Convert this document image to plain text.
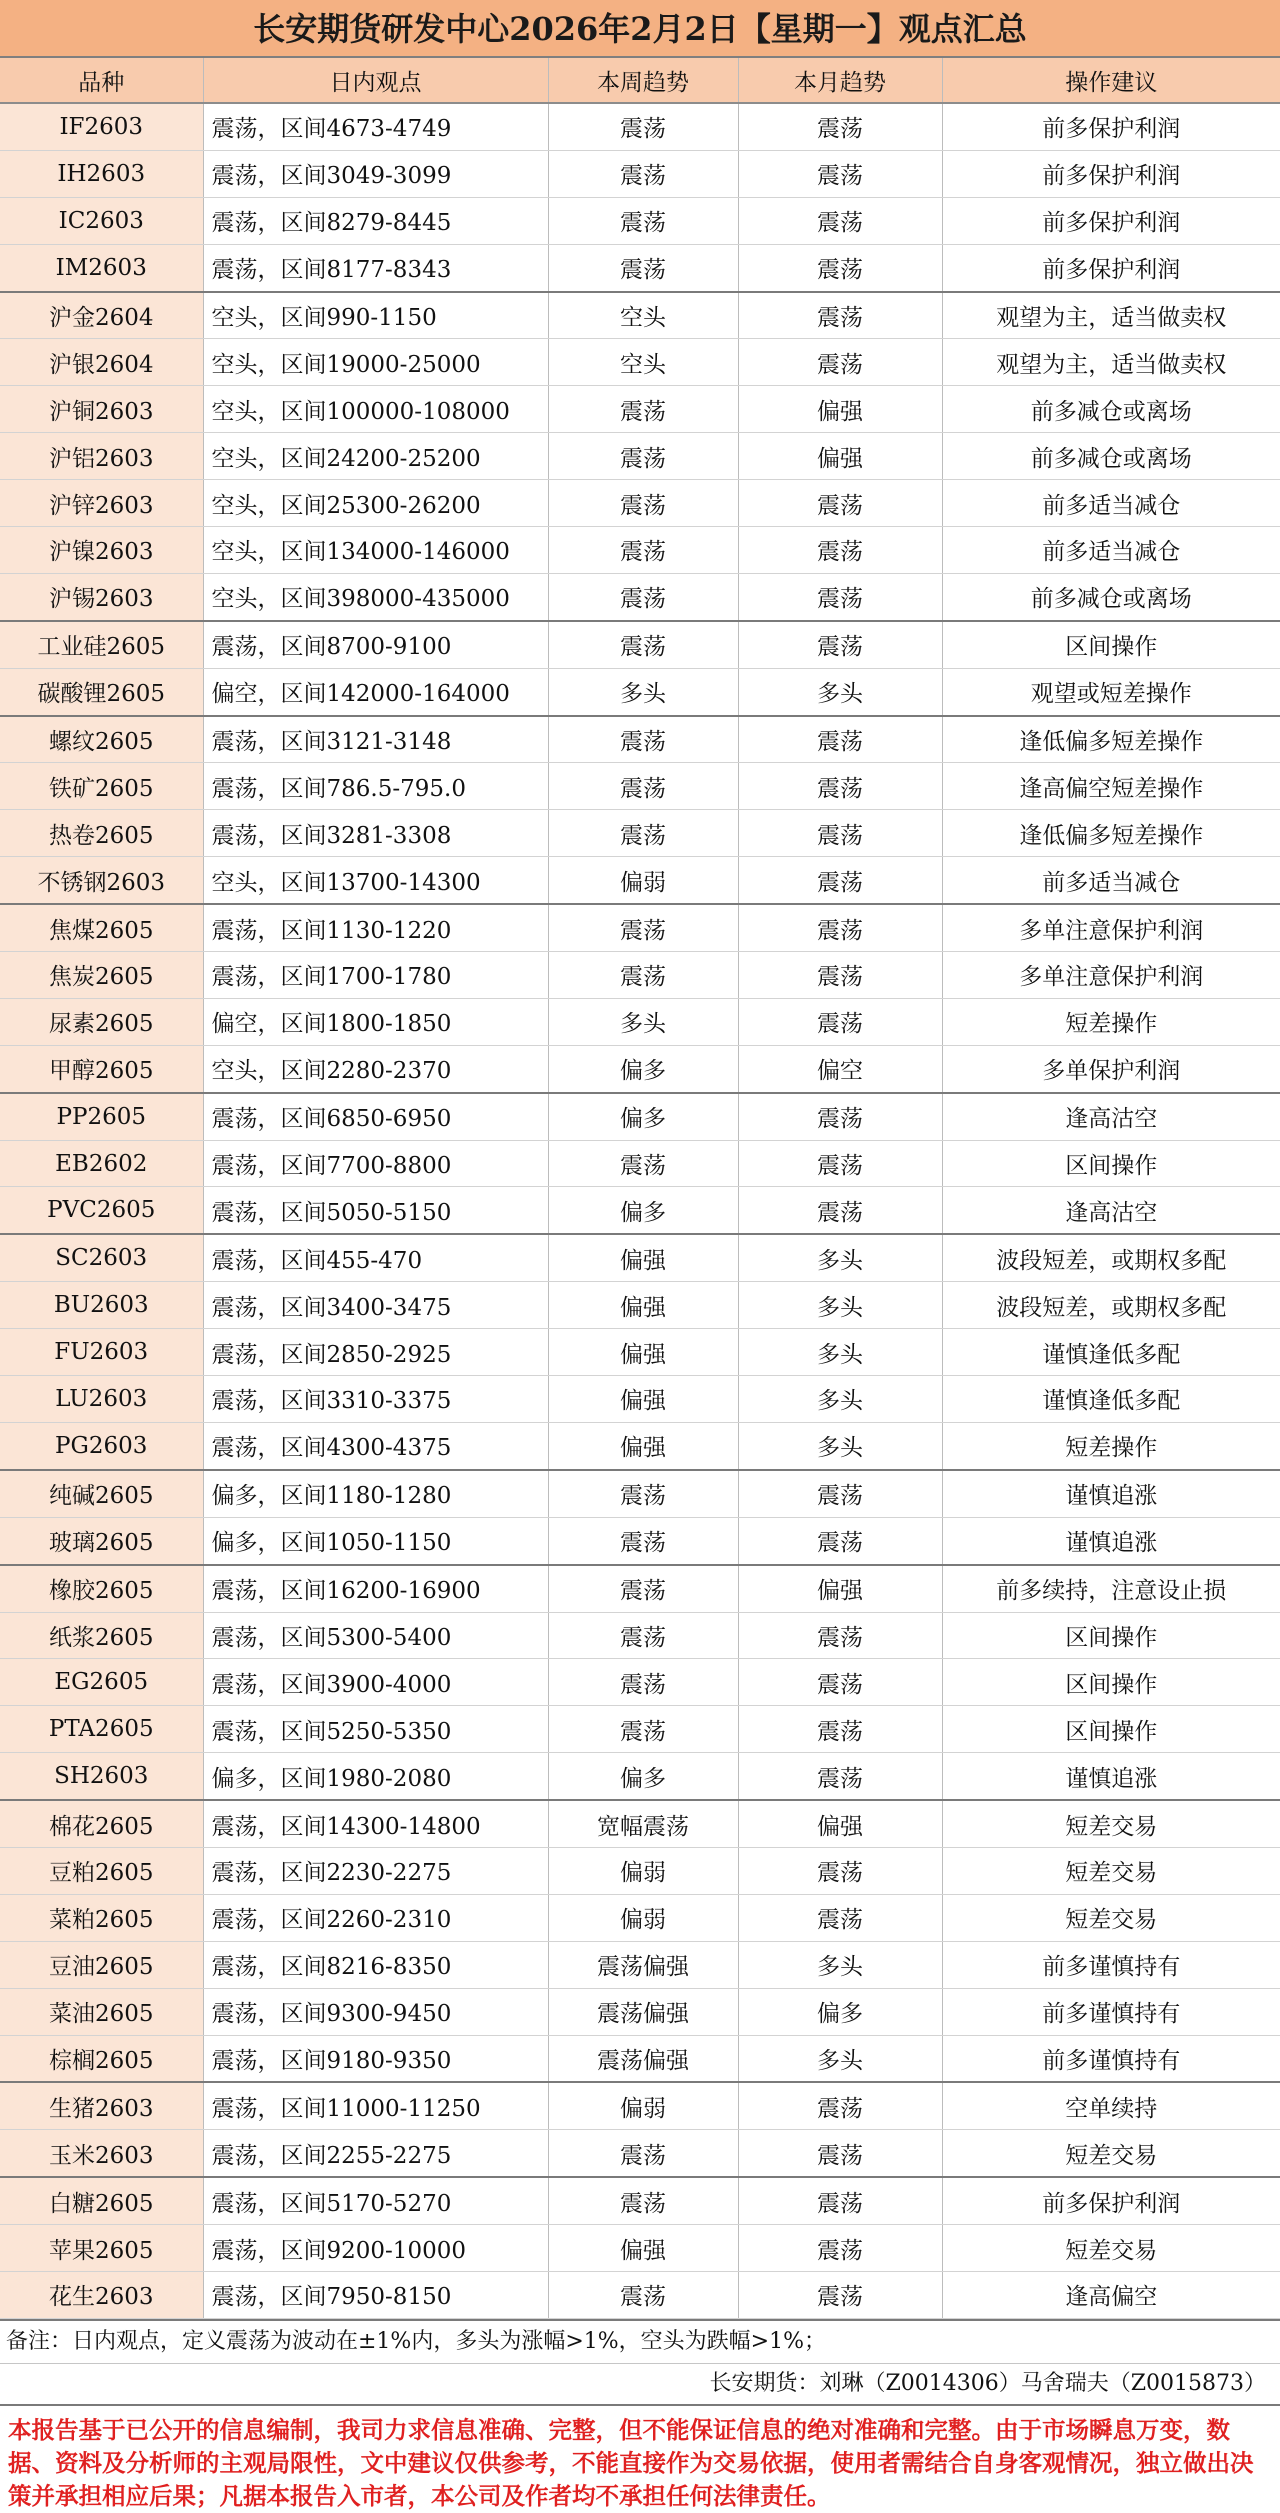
长安期货研发中心2026年2月2日【星期一】观点汇总
品种	日内观点	本周趋势	本月趋势	操作建议
IF2603	震荡，区间4673-4749	震荡	震荡	前多保护利润
IH2603	震荡，区间3049-3099	震荡	震荡	前多保护利润
IC2603	震荡，区间8279-8445	震荡	震荡	前多保护利润
IM2603	震荡，区间8177-8343	震荡	震荡	前多保护利润
沪金2604	空头，区间990-1150	空头	震荡	观望为主，适当做卖权
沪银2604	空头，区间19000-25000	空头	震荡	观望为主，适当做卖权
沪铜2603	空头，区间100000-108000	震荡	偏强	前多减仓或离场
沪铝2603	空头，区间24200-25200	震荡	偏强	前多减仓或离场
沪锌2603	空头，区间25300-26200	震荡	震荡	前多适当减仓
沪镍2603	空头，区间134000-146000	震荡	震荡	前多适当减仓
沪锡2603	空头，区间398000-435000	震荡	震荡	前多减仓或离场
工业硅2605	震荡，区间8700-9100	震荡	震荡	区间操作
碳酸锂2605	偏空，区间142000-164000	多头	多头	观望或短差操作
螺纹2605	震荡，区间3121-3148	震荡	震荡	逢低偏多短差操作
铁矿2605	震荡，区间786.5-795.0	震荡	震荡	逢高偏空短差操作
热卷2605	震荡，区间3281-3308	震荡	震荡	逢低偏多短差操作
不锈钢2603	空头，区间13700-14300	偏弱	震荡	前多适当减仓
焦煤2605	震荡，区间1130-1220	震荡	震荡	多单注意保护利润
焦炭2605	震荡，区间1700-1780	震荡	震荡	多单注意保护利润
尿素2605	偏空，区间1800-1850	多头	震荡	短差操作
甲醇2605	空头，区间2280-2370	偏多	偏空	多单保护利润
PP2605	震荡，区间6850-6950	偏多	震荡	逢高沽空
EB2602	震荡，区间7700-8800	震荡	震荡	区间操作
PVC2605	震荡，区间5050-5150	偏多	震荡	逢高沽空
SC2603	震荡，区间455-470	偏强	多头	波段短差，或期权多配
BU2603	震荡，区间3400-3475	偏强	多头	波段短差，或期权多配
FU2603	震荡，区间2850-2925	偏强	多头	谨慎逢低多配
LU2603	震荡，区间3310-3375	偏强	多头	谨慎逢低多配
PG2603	震荡，区间4300-4375	偏强	多头	短差操作
纯碱2605	偏多，区间1180-1280	震荡	震荡	谨慎追涨
玻璃2605	偏多，区间1050-1150	震荡	震荡	谨慎追涨
橡胶2605	震荡，区间16200-16900	震荡	偏强	前多续持，注意设止损
纸浆2605	震荡，区间5300-5400	震荡	震荡	区间操作
EG2605	震荡，区间3900-4000	震荡	震荡	区间操作
PTA2605	震荡，区间5250-5350	震荡	震荡	区间操作
SH2603	偏多，区间1980-2080	偏多	震荡	谨慎追涨
棉花2605	震荡，区间14300-14800	宽幅震荡	偏强	短差交易
豆粕2605	震荡，区间2230-2275	偏弱	震荡	短差交易
菜粕2605	震荡，区间2260-2310	偏弱	震荡	短差交易
豆油2605	震荡，区间8216-8350	震荡偏强	多头	前多谨慎持有
菜油2605	震荡，区间9300-9450	震荡偏强	偏多	前多谨慎持有
棕榈2605	震荡，区间9180-9350	震荡偏强	多头	前多谨慎持有
生猪2603	震荡，区间11000-11250	偏弱	震荡	空单续持
玉米2603	震荡，区间2255-2275	震荡	震荡	短差交易
白糖2605	震荡，区间5170-5270	震荡	震荡	前多保护利润
苹果2605	震荡，区间9200-10000	偏强	震荡	短差交易
花生2603	震荡，区间7950-8150	震荡	震荡	逢高偏空
备注：日内观点，定义震荡为波动在±1%内，多头为涨幅>1%，空头为跌幅>1%；
长安期货：刘琳（Z0014306）马舍瑞夫（Z0015873）
本报告基于已公开的信息编制，我司力求信息准确、完整，但不能保证信息的绝对准确和完整。由于市场瞬息万变，数据、资料及分析师的主观局限性，文中建议仅供参考，不能直接作为交易依据，使用者需结合自身客观情况，独立做出决策并承担相应后果；凡据本报告入市者，本公司及作者均不承担任何法律责任。
